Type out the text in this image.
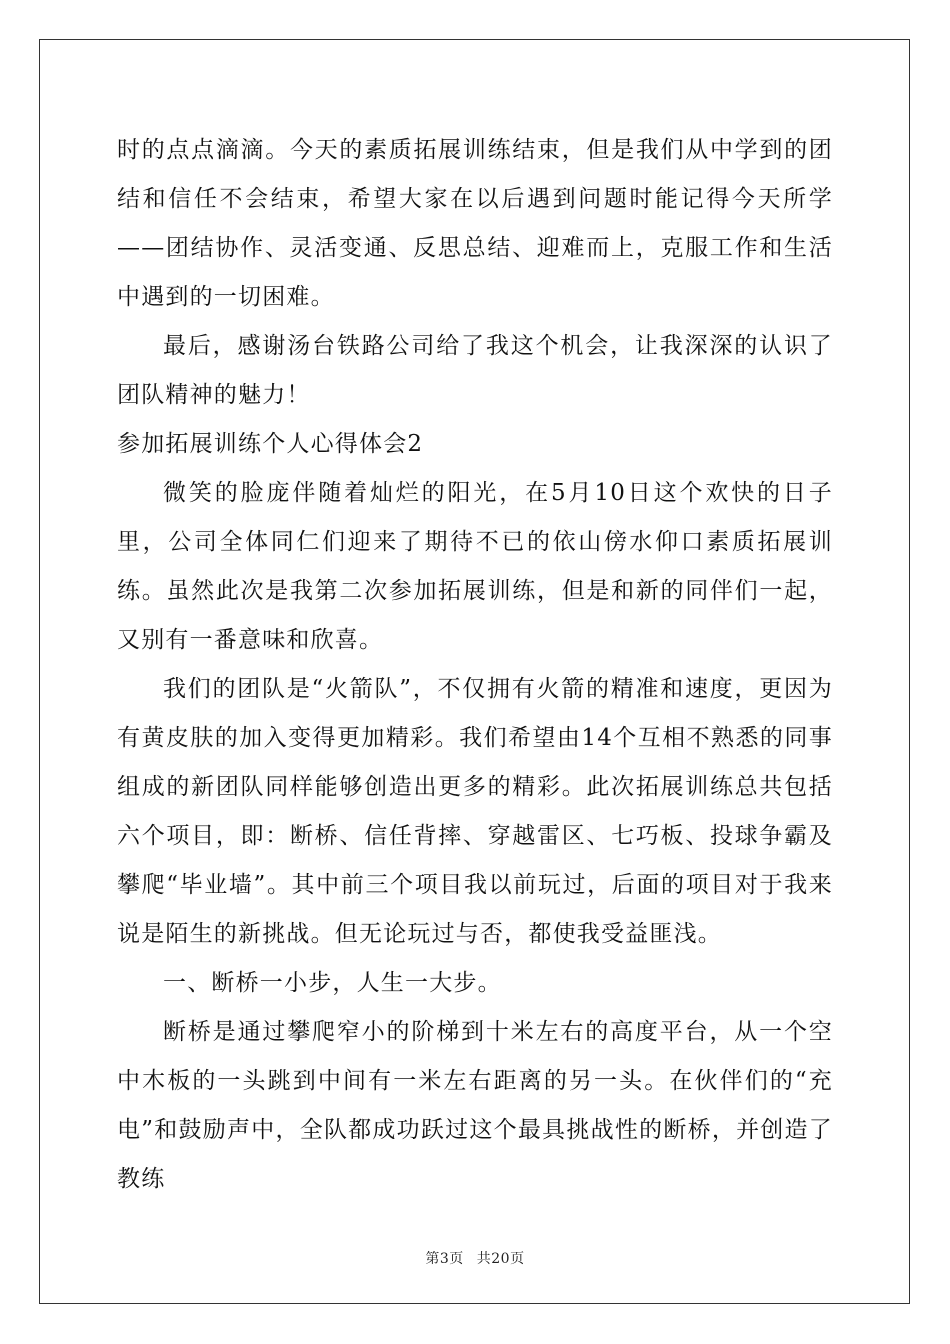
时的点点滴滴。今天的素质拓展训练结束，但是我们从中学到的团结和信任不会结束，希望大家在以后遇到问题时能记得今天所学——团结协作、灵活变通、反思总结、迎难而上，克服工作和生活中遇到的一切困难。

最后，感谢汤台铁路公司给了我这个机会，让我深深的认识了团队精神的魅力！

参加拓展训练个人心得体会2

微笑的脸庞伴随着灿烂的阳光，在5月10日这个欢快的日子里，公司全体同仁们迎来了期待不已的依山傍水仰口素质拓展训练。虽然此次是我第二次参加拓展训练，但是和新的同伴们一起，又别有一番意味和欣喜。

我们的团队是“火箭队”，不仅拥有火箭的精准和速度，更因为有黄皮肤的加入变得更加精彩。我们希望由14个互相不熟悉的同事组成的新团队同样能够创造出更多的精彩。此次拓展训练总共包括六个项目，即：断桥、信任背摔、穿越雷区、七巧板、投球争霸及攀爬“毕业墙”。其中前三个项目我以前玩过，后面的项目对于我来说是陌生的新挑战。但无论玩过与否，都使我受益匪浅。

一、断桥一小步，人生一大步。

断桥是通过攀爬窄小的阶梯到十米左右的高度平台，从一个空中木板的一头跳到中间有一米左右距离的另一头。在伙伴们的“充电”和鼓励声中，全队都成功跃过这个最具挑战性的断桥，并创造了教练

第3页 共20页
